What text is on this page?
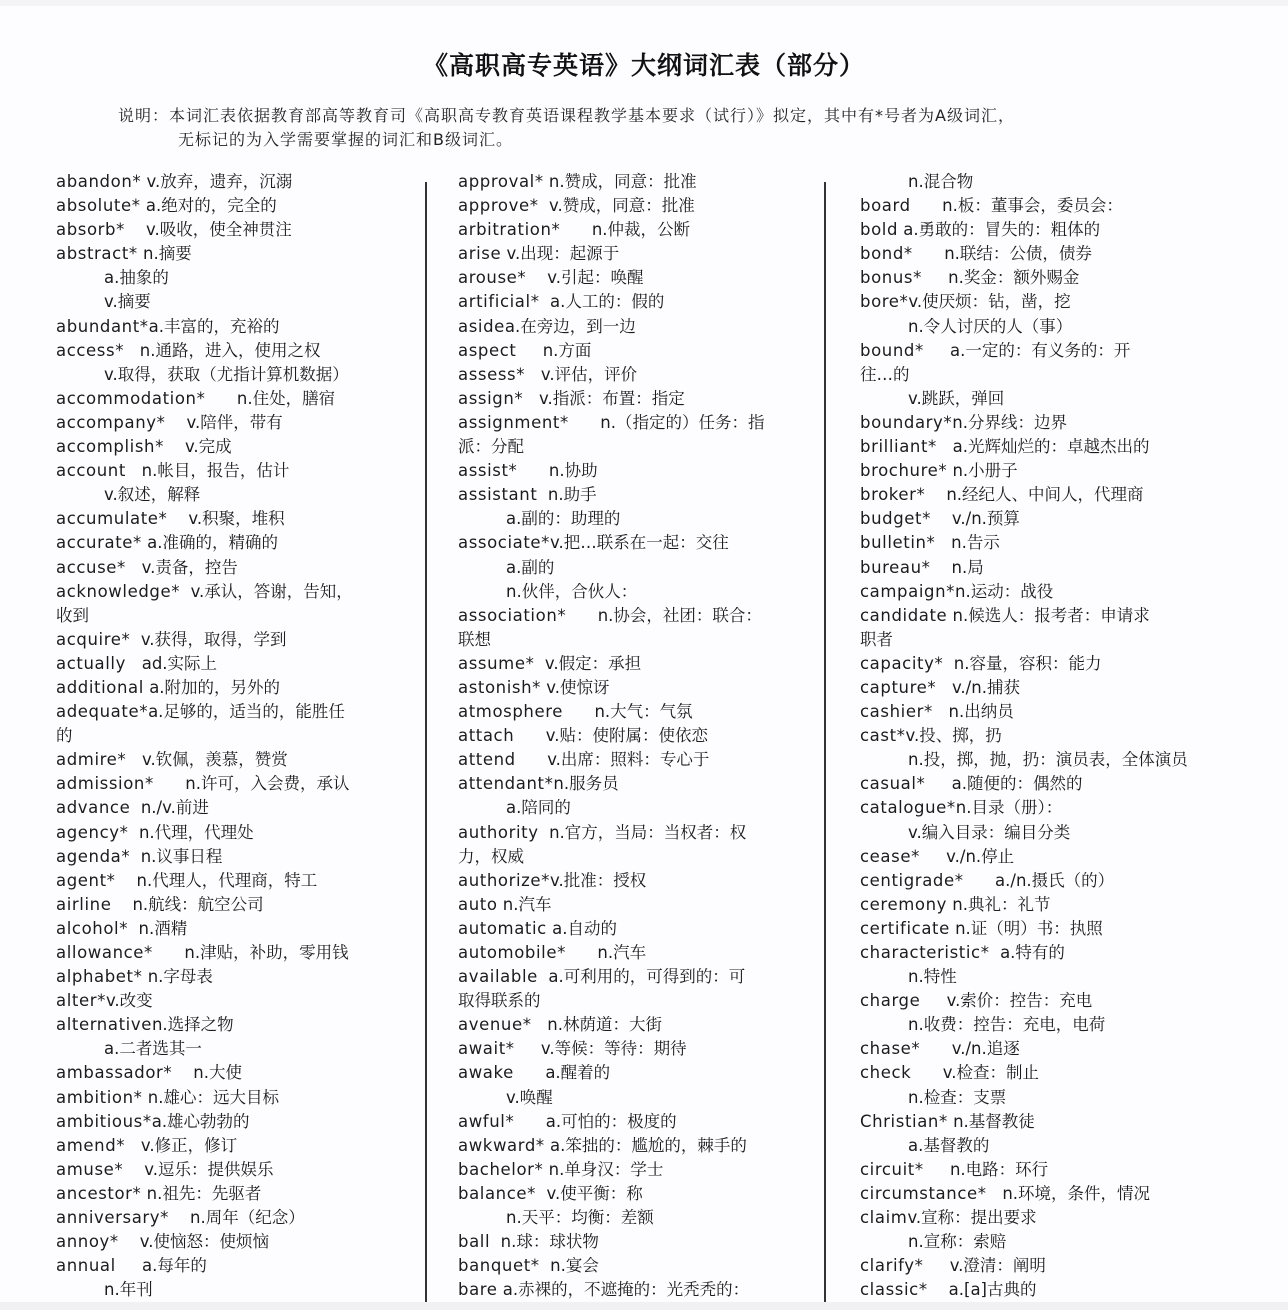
《高职高专英语》大纲词汇表（部分）
说明：本词汇表依据教育部高等教育司《高职高专教育英语课程教学基本要求（试行）》拟定，其中有*号者为A级词汇，
无标记的为入学需要掌握的词汇和B级词汇。
abandon* v.放弃，遗弃，沉溺
absolute* a.绝对的，完全的
absorb*    v.吸收，使全神贯注
abstract* n.摘要
a.抽象的
v.摘要
abundant*a.丰富的，充裕的
access*   n.通路，进入，使用之权
v.取得，获取（尤指计算机数据）
accommodation*      n.住处，膳宿
accompany*    v.陪伴，带有
accomplish*    v.完成
account   n.帐目，报告，估计
v.叙述，解释
accumulate*    v.积聚，堆积
accurate* a.准确的，精确的
accuse*   v.责备，控告
acknowledge*  v.承认，答谢，告知，
收到
acquire*  v.获得，取得，学到
actually   ad.实际上
additional a.附加的，另外的
adequate*a.足够的，适当的，能胜任
的
admire*   v.钦佩，羡慕，赞赏
admission*      n.许可，入会费，承认
advance  n./v.前进
agency*  n.代理，代理处
agenda*  n.议事日程
agent*    n.代理人，代理商，特工
airline    n.航线：航空公司
alcohol*  n.酒精
allowance*      n.津贴，补助，零用钱
alphabet* n.字母表
alter*v.改变
alternativen.选择之物
a.二者选其一
ambassador*    n.大使
ambition* n.雄心：远大目标
ambitious*a.雄心勃勃的
amend*   v.修正，修订
amuse*    v.逗乐：提供娱乐
ancestor* n.祖先：先驱者
anniversary*    n.周年（纪念）
annoy*    v.使恼怒：使烦恼
annual     a.每年的
n.年刊
approval* n.赞成，同意：批准
approve*  v.赞成，同意：批准
arbitration*      n.仲裁，公断
arise v.出现：起源于
arouse*    v.引起：唤醒
artificial*  a.人工的：假的
asidea.在旁边，到一边
aspect     n.方面
assess*   v.评估，评价
assign*   v.指派：布置：指定
assignment*      n.（指定的）任务：指
派：分配
assist*      n.协助
assistant  n.助手
a.副的：助理的
associate*v.把…联系在一起：交往
a.副的
n.伙伴，合伙人：
association*      n.协会，社团：联合：
联想
assume*  v.假定：承担
astonish* v.使惊讶
atmosphere      n.大气：气氛
attach      v.贴：使附属：使依恋
attend      v.出席：照料：专心于
attendant*n.服务员
a.陪同的
authority  n.官方，当局：当权者：权
力，权威
authorize*v.批准：授权
auto n.汽车
automatic a.自动的
automobile*      n.汽车
available  a.可利用的，可得到的：可
取得联系的
avenue*   n.林荫道：大街
await*     v.等候：等待：期待
awake      a.醒着的
v.唤醒
awful*      a.可怕的：极度的
awkward* a.笨拙的：尴尬的，棘手的
bachelor* n.单身汉：学士
balance*  v.使平衡：称
n.天平：均衡：差额
ball  n.球：球状物
banquet*  n.宴会
bare a.赤裸的，不遮掩的：光秃秃的：
n.混合物
board      n.板：董事会，委员会：
bold a.勇敢的：冒失的：粗体的
bond*      n.联结：公债，债券
bonus*     n.奖金：额外赐金
bore*v.使厌烦：钻，凿，挖
n.令人讨厌的人（事）
bound*     a.一定的：有义务的：开
往…的
v.跳跃，弹回
boundary*n.分界线：边界
brilliant*   a.光辉灿烂的：卓越杰出的
brochure* n.小册子
broker*    n.经纪人、中间人，代理商
budget*    v./n.预算
bulletin*   n.告示
bureau*    n.局
campaign*n.运动：战役
candidate n.候选人：报考者：申请求
职者
capacity*  n.容量，容积：能力
capture*   v./n.捕获
cashier*   n.出纳员
cast*v.投、掷，扔
n.投，掷，抛，扔：演员表，全体演员
casual*     a.随便的：偶然的
catalogue*n.目录（册）：
v.编入目录：编目分类
cease*     v./n.停止
centigrade*      a./n.摄氏（的）
ceremony n.典礼：礼节
certificate n.证（明）书：执照
characteristic*  a.特有的
n.特性
charge     v.索价：控告：充电
n.收费：控告：充电，电荷
chase*      v./n.追逐
check      v.检查：制止
n.检查：支票
Christian* n.基督教徒
a.基督教的
circuit*     n.电路：环行
circumstance*   n.环境，条件，情况
claimv.宣称：提出要求
n.宣称：索赔
clarify*     v.澄清：阐明
classic*    a.[a]古典的
